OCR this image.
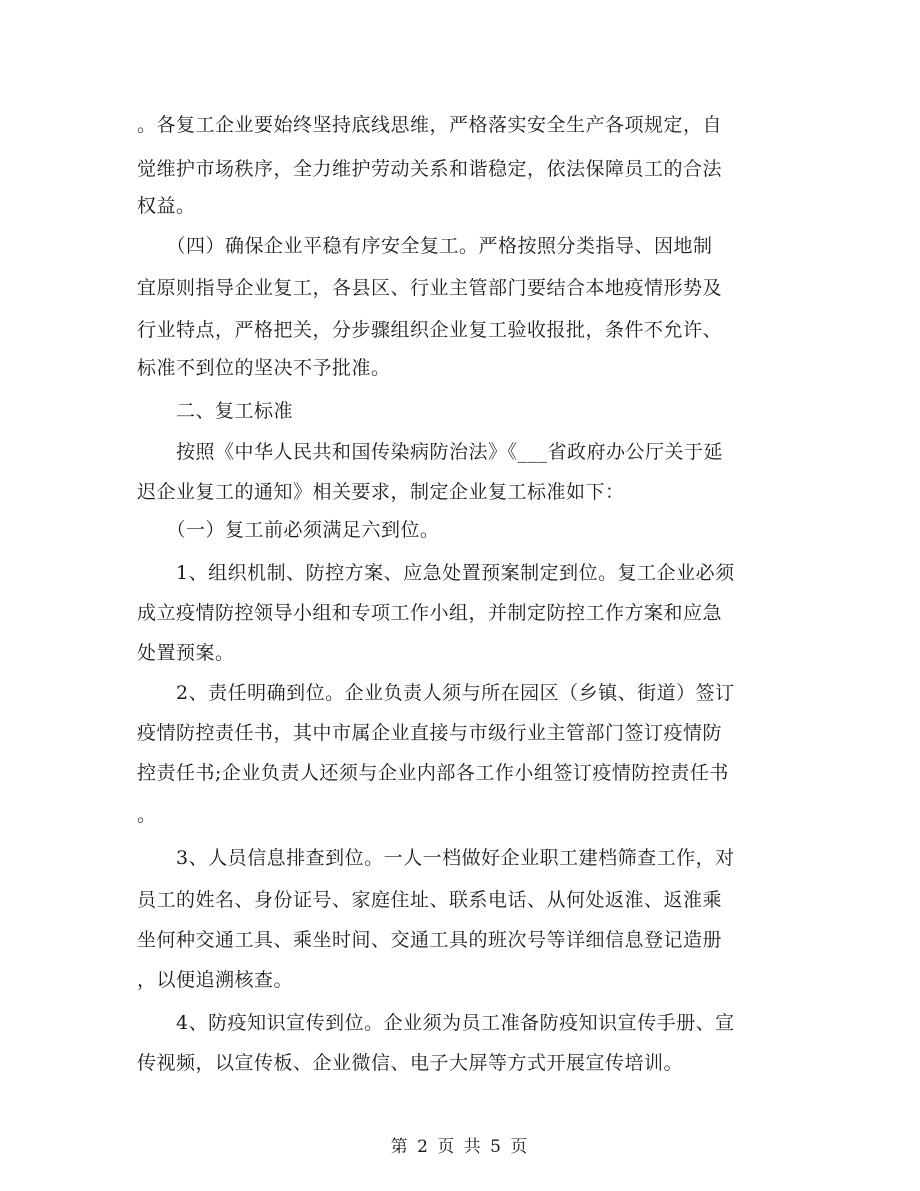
。各复工企业要始终坚持底线思维，严格落实安全生产各项规定，自
觉维护市场秩序，全力维护劳动关系和谐稳定，依法保障员工的合法
权益。
　　（四）确保企业平稳有序安全复工。严格按照分类指导、因地制
宜原则指导企业复工，各县区、行业主管部门要结合本地疫情形势及
行业特点，严格把关，分步骤组织企业复工验收报批，条件不允许、
标准不到位的坚决不予批准。
　　二、复工标准
　　按照《中华人民共和国传染病防治法》《___省政府办公厅关于延
迟企业复工的通知》相关要求，制定企业复工标准如下：
　　（一）复工前必须满足六到位。
　　1、组织机制、防控方案、应急处置预案制定到位。复工企业必须
成立疫情防控领导小组和专项工作小组，并制定防控工作方案和应急
处置预案。
　　2、责任明确到位。企业负责人须与所在园区（乡镇、街道）签订
疫情防控责任书，其中市属企业直接与市级行业主管部门签订疫情防
控责任书;企业负责人还须与企业内部各工作小组签订疫情防控责任书
。
　　3、人员信息排查到位。一人一档做好企业职工建档筛查工作，对
员工的姓名、身份证号、家庭住址、联系电话、从何处返淮、返淮乘
坐何种交通工具、乘坐时间、交通工具的班次号等详细信息登记造册
，以便追溯核查。
　　4、防疫知识宣传到位。企业须为员工准备防疫知识宣传手册、宣
传视频，以宣传板、企业微信、电子大屏等方式开展宣传培训。
第 2 页 共 5 页
